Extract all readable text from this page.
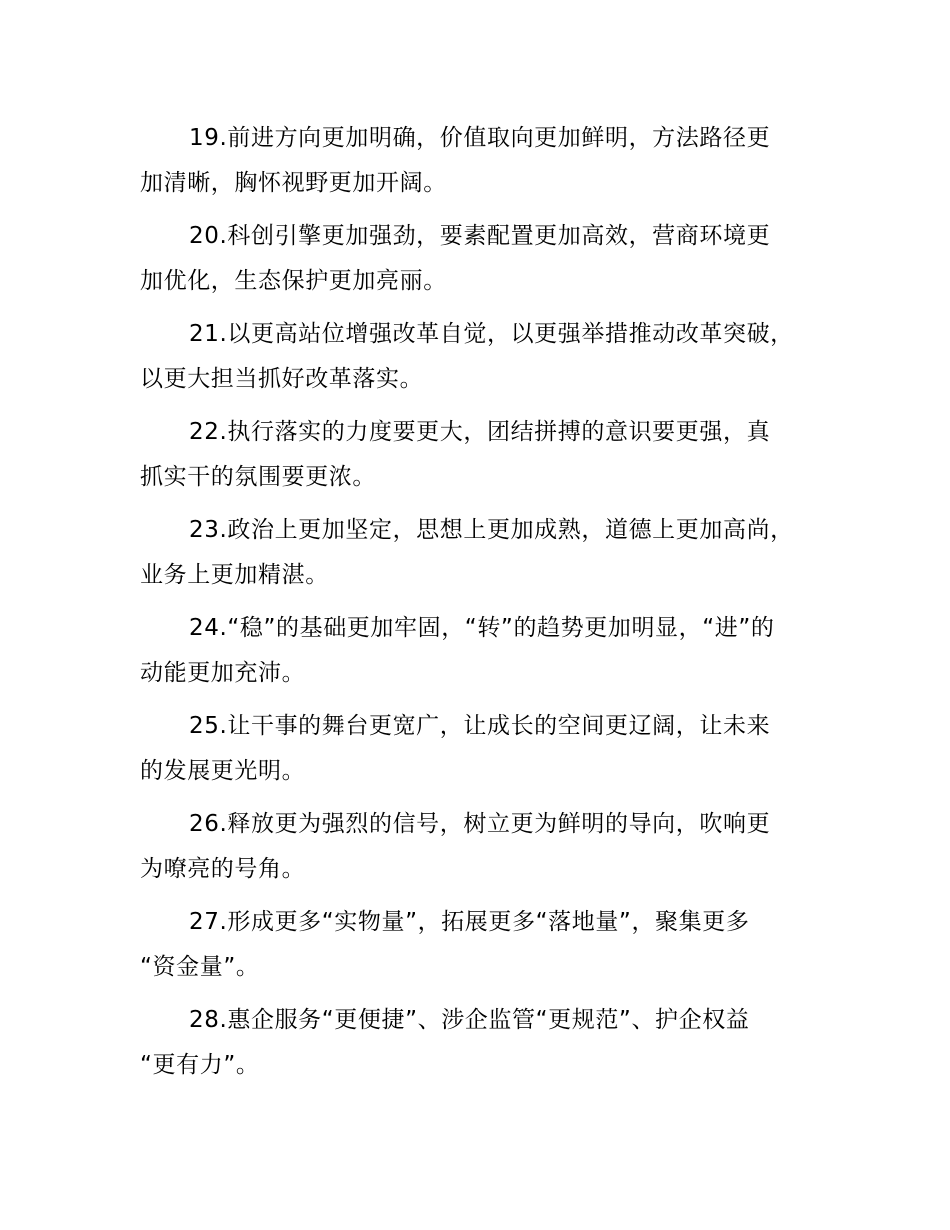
19.前进方向更加明确，价值取向更加鲜明，方法路径更
加清晰，胸怀视野更加开阔。

20.科创引擎更加强劲，要素配置更加高效，营商环境更
加优化，生态保护更加亮丽。

21.以更高站位增强改革自觉，以更强举措推动改革突破，
以更大担当抓好改革落实。

22.执行落实的力度要更大，团结拼搏的意识要更强，真
抓实干的氛围要更浓。

23.政治上更加坚定，思想上更加成熟，道德上更加高尚，
业务上更加精湛。

24.“稳”的基础更加牢固，“转”的趋势更加明显，“进”的
动能更加充沛。

25.让干事的舞台更宽广，让成长的空间更辽阔，让未来
的发展更光明。

26.释放更为强烈的信号，树立更为鲜明的导向，吹响更
为嘹亮的号角。

27.形成更多“实物量”，拓展更多“落地量”，聚集更多
“资金量”。

28.惠企服务“更便捷”、涉企监管“更规范”、护企权益
“更有力”。
